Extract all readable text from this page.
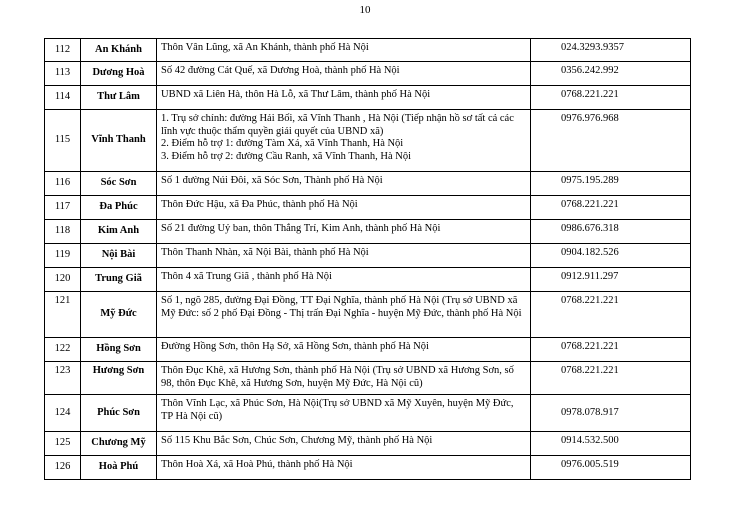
10
112	An Khánh	Thôn Vân Lũng, xã An Khánh, thành phố Hà Nội	024.3293.9357
113	Dương Hoà	Số 42 đường Cát Quế, xã Dương Hoà, thành phố Hà Nội	0356.242.992
114	Thư Lâm	UBND xã Liên Hà, thôn Hà Lỗ, xã Thư Lâm, thành phố Hà Nội	0768.221.221
115	Vĩnh Thanh	1. Trụ sở chính: đường Hải Bối, xã Vĩnh Thanh , Hà Nội (Tiếp nhận hồ sơ tất cả các lĩnh vực thuộc thẩm quyền giải quyết của UBND xã)
2. Điểm hỗ trợ 1: đường Tàm Xá, xã Vĩnh Thanh, Hà Nội
3. Điểm hỗ trợ 2: đường Cầu Ranh, xã Vĩnh Thanh, Hà Nội	0976.976.968
116	Sóc Sơn	Số 1 đường Núi Đôi, xã Sóc Sơn, Thành phố Hà Nội	0975.195.289
117	Đa Phúc	Thôn Đức Hậu, xã Đa Phúc, thành phố Hà Nội	0768.221.221
118	Kim Anh	Số 21 đường Uỷ ban, thôn Thắng Trí, Kim Anh, thành phố Hà Nội	0986.676.318
119	Nội Bài	Thôn Thanh Nhàn, xã Nội Bài, thành phố Hà Nội	0904.182.526
120	Trung Giã	Thôn 4 xã Trung Giã , thành phố Hà Nội	0912.911.297
121	Mỹ Đức	Số 1, ngõ 285, đường Đại Đồng, TT Đại Nghĩa, thành phố Hà Nội (Trụ sở UBND xã Mỹ Đức: số 2 phố Đại Đồng - Thị trấn Đại Nghĩa - huyện Mỹ Đức, thành phố Hà Nội	0768.221.221
122	Hồng Sơn	Đường Hồng Sơn, thôn Hạ Sở, xã Hồng Sơn, thành phố Hà Nội	0768.221.221
123	Hương Sơn	Thôn Đục Khê, xã Hương Sơn, thành phố Hà Nội (Trụ sở UBND xã Hương Sơn, số 98, thôn Đục Khê, xã Hương Sơn, huyện Mỹ Đức, Hà Nội cũ)	0768.221.221
124	Phúc Sơn	Thôn Vĩnh Lạc, xã Phúc Sơn, Hà Nội(Trụ sở UBND xã Mỹ Xuyên, huyện Mỹ Đức, TP Hà Nội cũ)	0978.078.917
125	Chương Mỹ	Số 115 Khu Bắc Sơn, Chúc Sơn, Chương Mỹ, thành phố Hà Nội	0914.532.500
126	Hoà Phú	Thôn Hoà Xá, xã Hoà Phú, thành phố Hà Nội	0976.005.519
